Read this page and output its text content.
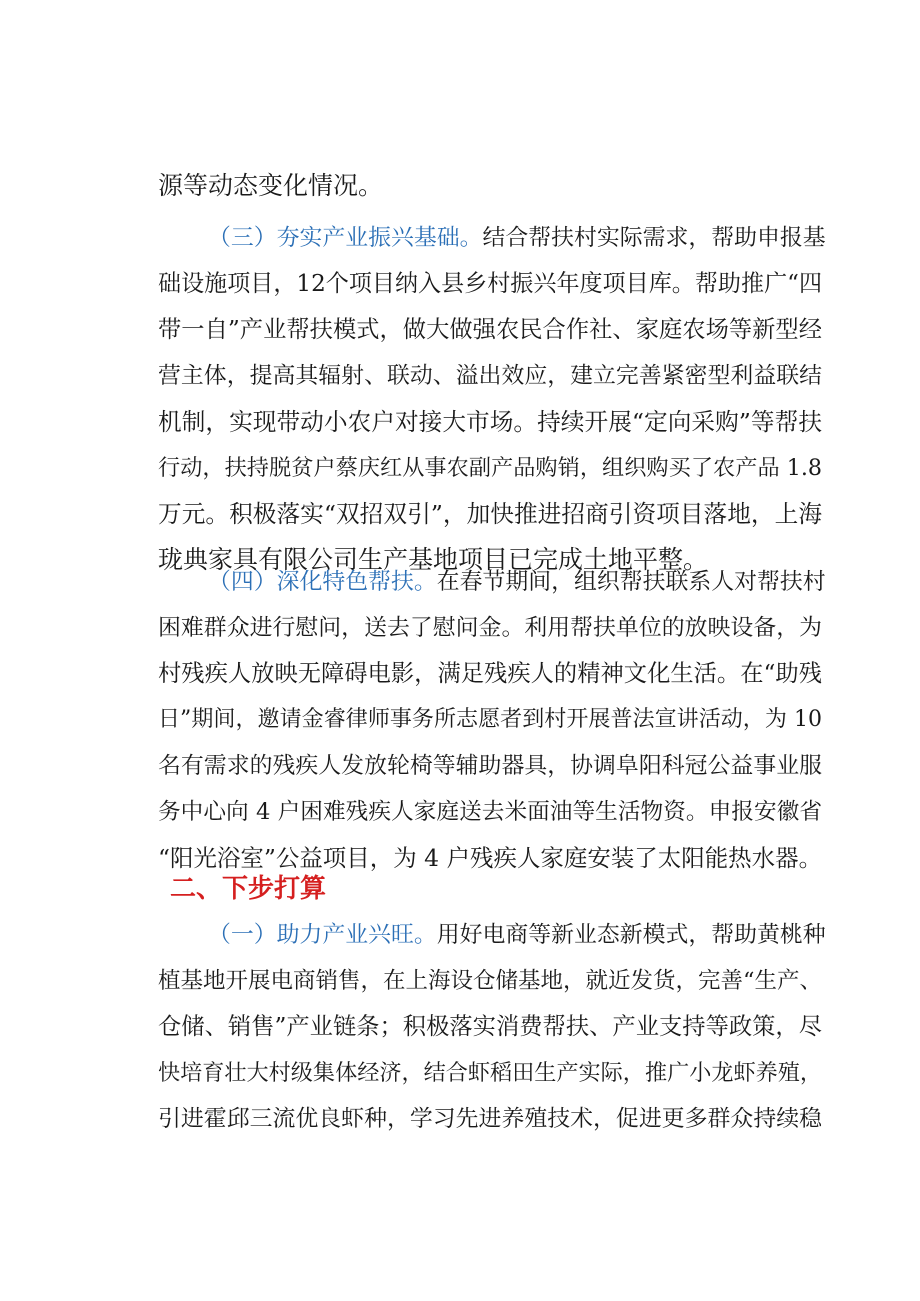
源等动态变化情况。
（三）夯实产业振兴基础。结合帮扶村实际需求，帮助申报基
础设施项目，12个项目纳入县乡村振兴年度项目库。帮助推广“四
带一自”产业帮扶模式，做大做强农民合作社、家庭农场等新型经
营主体，提高其辐射、联动、溢出效应，建立完善紧密型利益联结
机制，实现带动小农户对接大市场。持续开展“定向采购”等帮扶
行动，扶持脱贫户蔡庆红从事农副产品购销，组织购买了农产品 1.8
万元。积极落实“双招双引”，加快推进招商引资项目落地，上海
珑典家具有限公司生产基地项目已完成土地平整。
（四）深化特色帮扶。在春节期间，组织帮扶联系人对帮扶村
困难群众进行慰问，送去了慰问金。利用帮扶单位的放映设备，为
村残疾人放映无障碍电影，满足残疾人的精神文化生活。在“助残
日”期间，邀请金睿律师事务所志愿者到村开展普法宣讲活动，为 10
名有需求的残疾人发放轮椅等辅助器具，协调阜阳科冠公益事业服
务中心向 4 户困难残疾人家庭送去米面油等生活物资。申报安徽省
“阳光浴室”公益项目，为 4 户残疾人家庭安装了太阳能热水器。
二、下步打算
（一）助力产业兴旺。用好电商等新业态新模式，帮助黄桃种
植基地开展电商销售，在上海设仓储基地，就近发货，完善“生产、
仓储、销售”产业链条；积极落实消费帮扶、产业支持等政策，尽
快培育壮大村级集体经济，结合虾稻田生产实际，推广小龙虾养殖，
引进霍邱三流优良虾种，学习先进养殖技术，促进更多群众持续稳
